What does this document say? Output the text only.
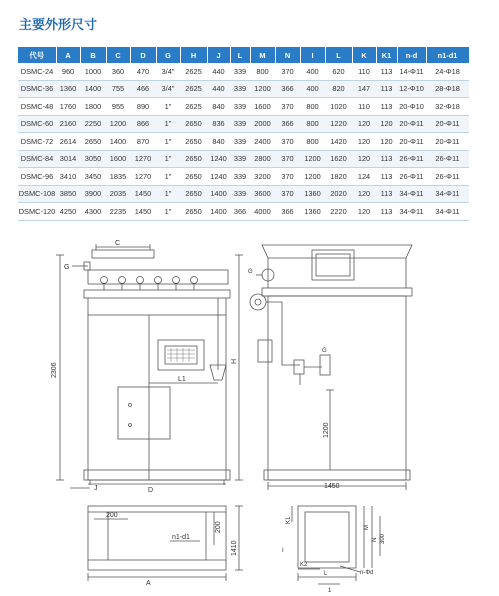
主要外形尺寸
代号	A	B	C	D	G	H	J	L	M	N	I	L	K	K1	n-d	n1-d1
DSMC-24	960	1000	360	470	3/4"	2625	440	339	800	370	400	620	110	113	14-Φ11	24-Φ18
DSMC-36	1360	1400	755	466	3/4"	2625	440	339	1200	366	400	820	147	113	12-Φ10	28-Φ18
DSMC-48	1760	1800	955	890	1"	2625	840	339	1600	370	800	1020	110	113	20-Φ10	32-Φ18
DSMC-60	2160	2250	1200	866	1"	2650	836	339	2000	366	800	1220	120	120	20-Φ11	20-Φ11
DSMC-72	2614	2650	1400	870	1"	2650	840	339	2400	370	800	1420	120	120	20-Φ11	20-Φ11
DSMC-84	3014	3050	1600	1270	1"	2650	1240	339	2800	370	1200	1620	120	113	26-Φ11	26-Φ11
DSMC-96	3410	3450	1835	1270	1"	2650	1240	339	3200	370	1200	1820	124	113	26-Φ11	26-Φ11
DSMC-108	3850	3900	2035	1450	1"	2650	1400	339	3600	370	1360	2020	120	113	34-Φ11	34-Φ11
DSMC-120	4250	4300	2235	1450	1"	2650	1400	366	4000	366	1360	2220	120	113	34-Φ11	34-Φ11
C
G
L1
D
2306
H
J
G
G
1200
1450
200
200
n1-d1
1410
A
K1
M
N 300
I
K2
L	n-Φd
1
